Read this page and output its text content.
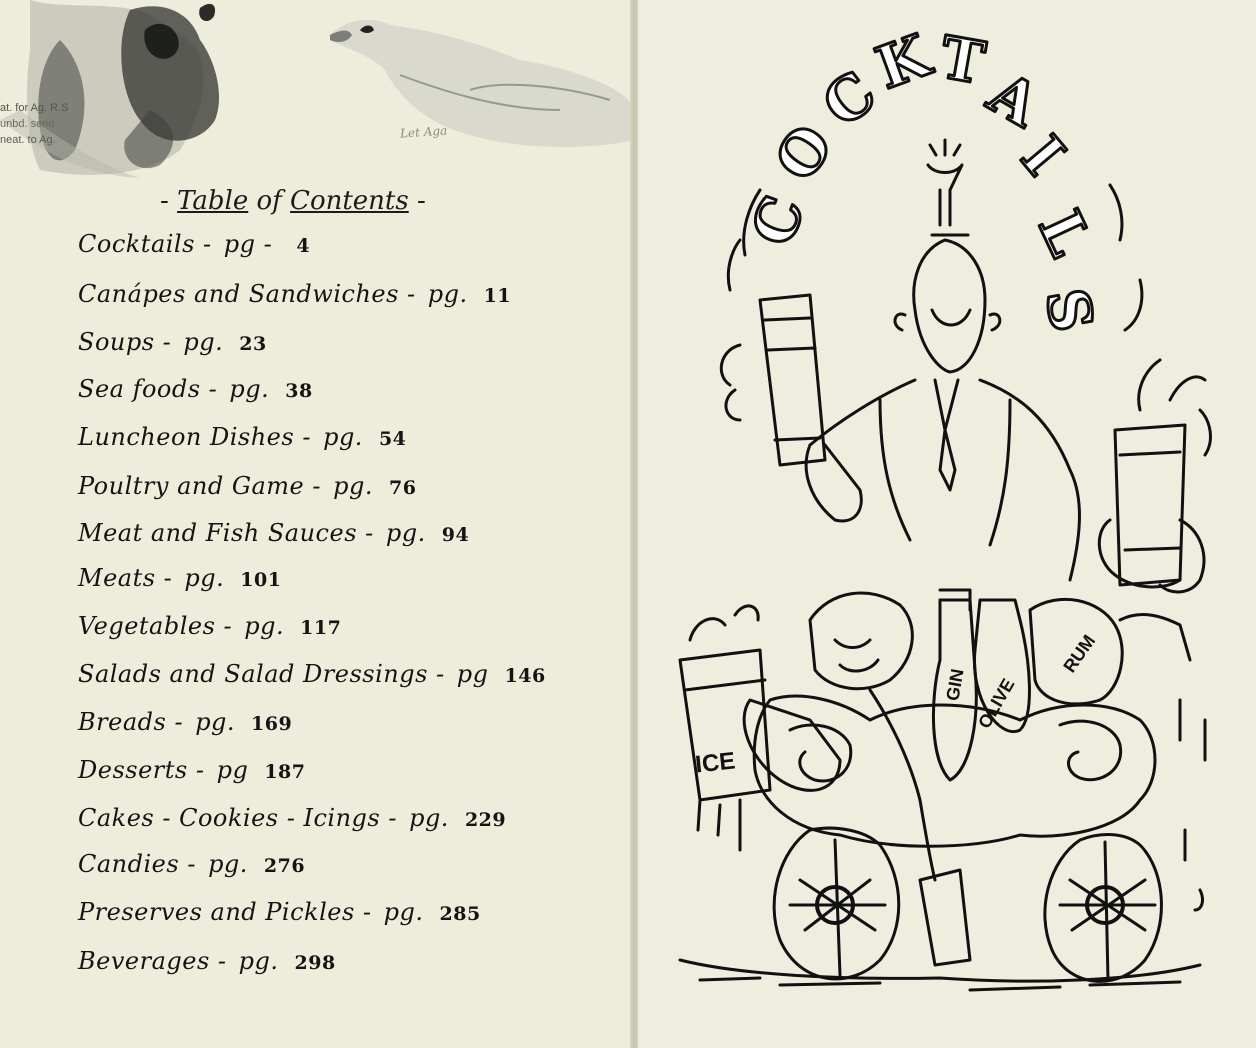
at. for Ag. R.S
unbd. send
neat. to Ag.	Let Aga
- Table of Contents -
Cocktails - pg - 4
Canápes and Sandwiches - pg. 11
Soups - pg. 23
Sea foods - pg. 38
Luncheon Dishes - pg. 54
Poultry and Game - pg. 76
Meat and Fish Sauces - pg. 94
Meats - pg. 101
Vegetables - pg. 117
Salads and Salad Dressings - pg 146
Breads - pg. 169
Desserts - pg 187
Cakes - Cookies - Icings - pg. 229
Candies - pg. 276
Preserves and Pickles - pg. 285
Beverages - pg. 298
C
O
C
K
T
A
I
L
S
ICE
GIN OLIVE
RUM
